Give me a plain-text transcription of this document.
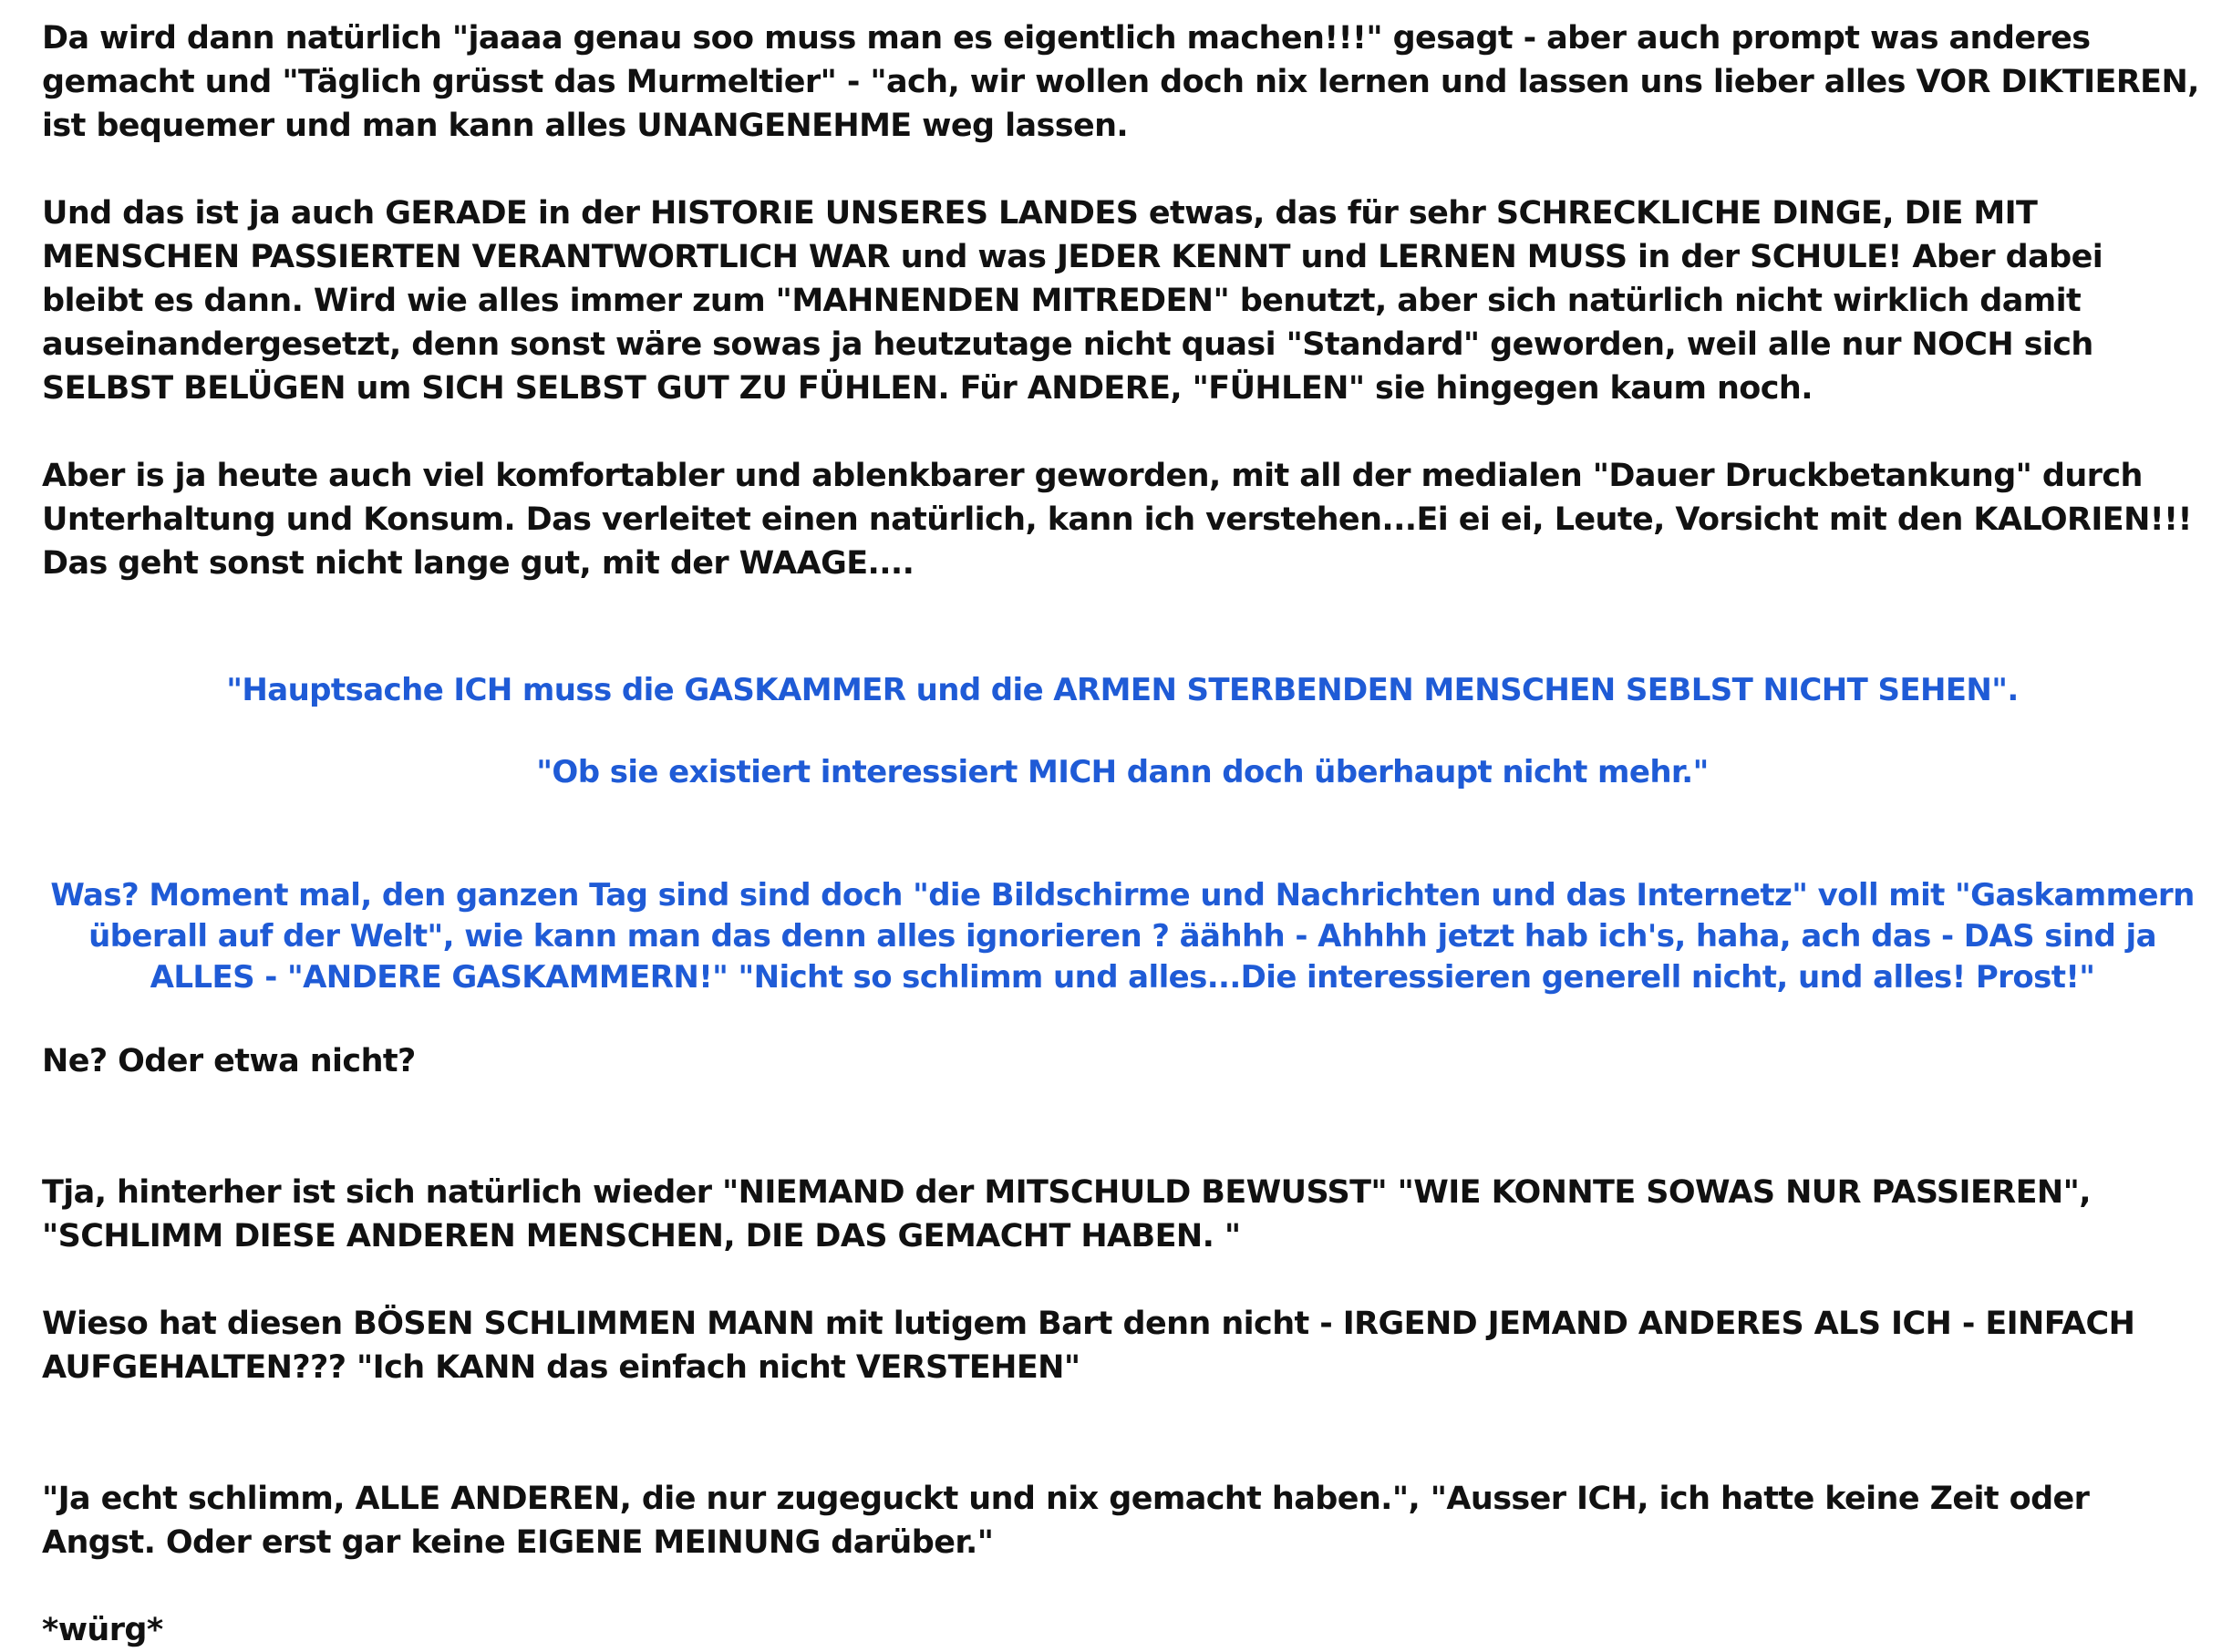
Da wird dann natürlich "jaaaa genau soo muss man es eigentlich machen!!!" gesagt - aber auch prompt was anderes gemacht und "Täglich grüsst das Murmeltier" - "ach, wir wollen doch nix lernen und lassen uns lieber alles VOR DIKTIEREN, ist bequemer und man kann alles UNANGENEHME weg lassen.

Und das ist ja auch GERADE in der HISTORIE UNSERES LANDES etwas, das für sehr SCHRECKLICHE DINGE, DIE MIT MENSCHEN PASSIERTEN VERANTWORTLICH WAR und was JEDER KENNT und LERNEN MUSS in der SCHULE! Aber dabei bleibt es dann. Wird wie alles immer zum "MAHNENDEN MITREDEN" benutzt, aber sich natürlich nicht wirklich damit auseinandergesetzt, denn sonst wäre sowas ja heutzutage nicht quasi "Standard" geworden, weil alle nur NOCH sich SELBST BELÜGEN um SICH SELBST GUT ZU FÜHLEN. Für ANDERE, "FÜHLEN" sie hingegen kaum noch.

Aber is ja heute auch viel komfortabler und ablenkbarer geworden, mit all der medialen "Dauer Druckbetankung" durch Unterhaltung und Konsum. Das verleitet einen natürlich, kann ich verstehen...Ei ei ei, Leute, Vorsicht mit den KALORIEN!!! Das geht sonst nicht lange gut, mit der WAAGE....

"Hauptsache ICH muss die GASKAMMER und die ARMEN STERBENDEN MENSCHEN SEBLST NICHT SEHEN".

"Ob sie existiert interessiert MICH dann doch überhaupt nicht mehr."

Was? Moment mal, den ganzen Tag sind sind doch "die Bildschirme und Nachrichten und das Internetz" voll mit "Gaskammern überall auf der Welt", wie kann man das denn alles ignorieren ? äähhh - Ahhhh jetzt hab ich's, haha, ach das - DAS sind ja ALLES - "ANDERE GASKAMMERN!" "Nicht so schlimm und alles...Die interessieren generell nicht, und alles! Prost!"

Ne? Oder etwa nicht?

Tja, hinterher ist sich natürlich wieder "NIEMAND der MITSCHULD BEWUSST" "WIE KONNTE SOWAS NUR PASSIEREN", "SCHLIMM DIESE ANDEREN MENSCHEN, DIE DAS GEMACHT HABEN. "

Wieso hat diesen BÖSEN SCHLIMMEN MANN mit lutigem Bart denn nicht - IRGEND JEMAND ANDERES ALS ICH - EINFACH AUFGEHALTEN??? "Ich KANN das einfach nicht VERSTEHEN"

"Ja echt schlimm, ALLE ANDEREN, die nur zugeguckt und nix gemacht haben.", "Ausser ICH, ich hatte keine Zeit oder Angst. Oder erst gar keine EIGENE MEINUNG darüber."

*würg*
